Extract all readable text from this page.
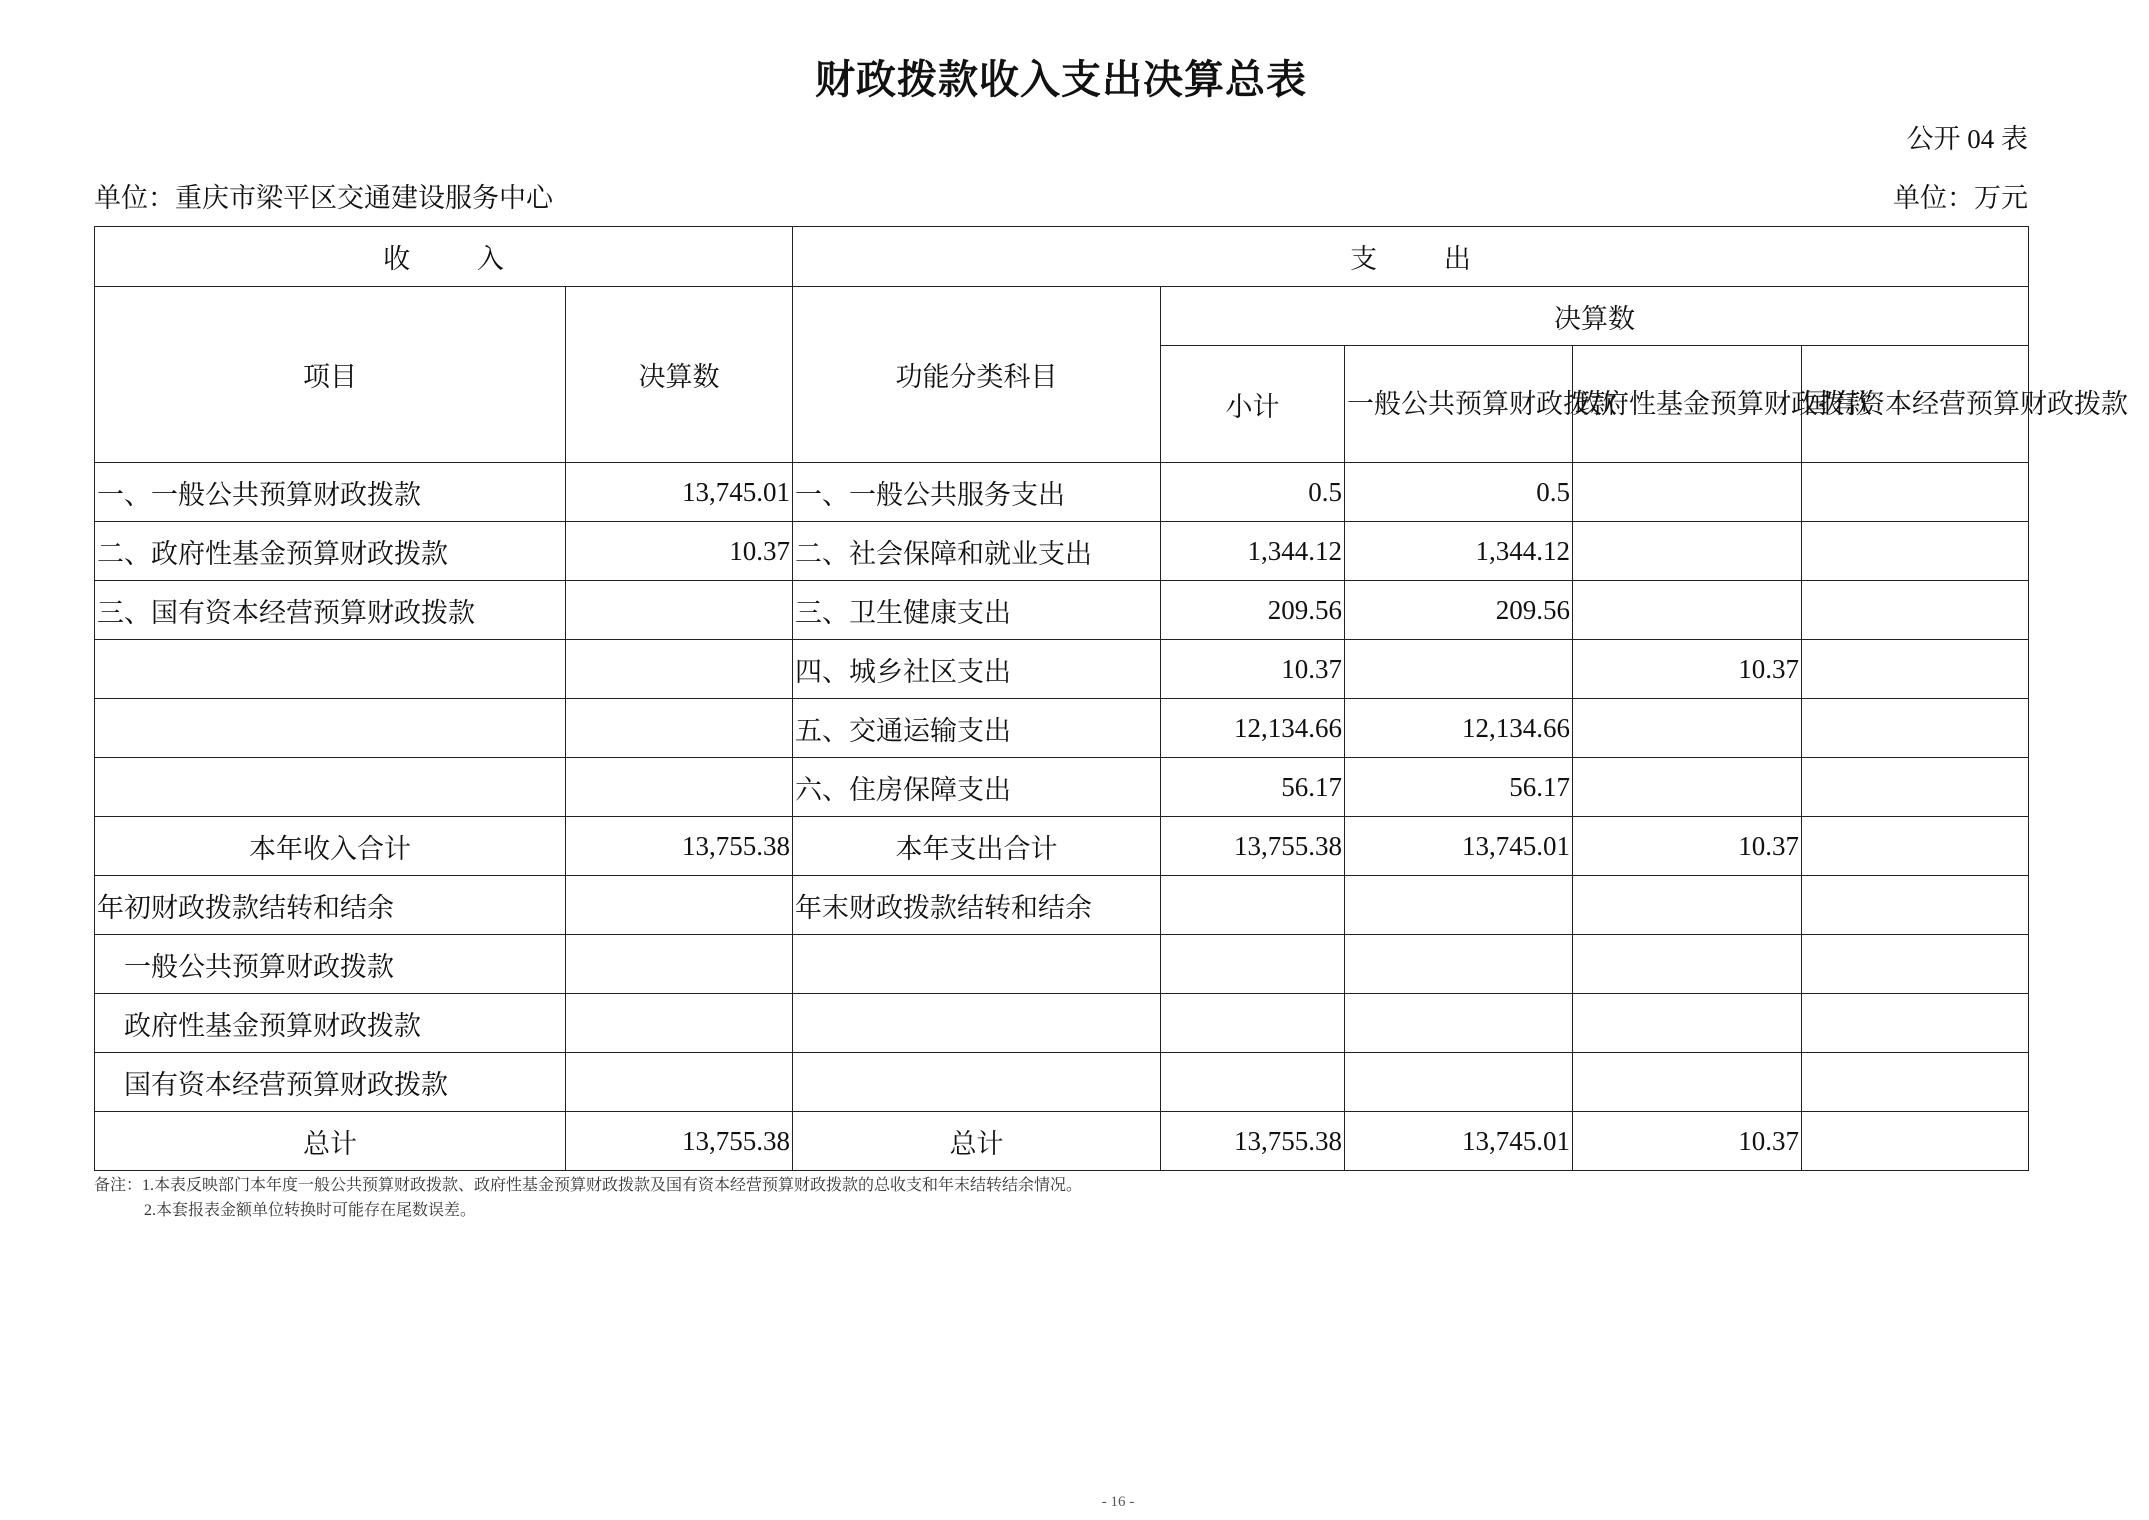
财政拨款收入支出决算总表
公开 04 表
单位：重庆市梁平区交通建设服务中心	单位：万元
收 入		支 出				
项目	决算数	功能分类科目	决算数			
			小计	一般公共预算财政拨款	政府性基金预算财政拨款	国有资本经营预算财政拨款
一、一般公共预算财政拨款	13,745.01	一、一般公共服务支出	0.5	0.5		
二、政府性基金预算财政拨款	10.37	二、社会保障和就业支出	1,344.12	1,344.12		
三、国有资本经营预算财政拨款		三、卫生健康支出	209.56	209.56		
		四、城乡社区支出	10.37		10.37	
		五、交通运输支出	12,134.66	12,134.66		
		六、住房保障支出	56.17	56.17		
本年收入合计	13,755.38	本年支出合计	13,755.38	13,745.01	10.37	
年初财政拨款结转和结余		年末财政拨款结转和结余				
一般公共预算财政拨款						
政府性基金预算财政拨款						
国有资本经营预算财政拨款						
总计	13,755.38	总计	13,755.38	13,745.01	10.37	
备注：1.本表反映部门本年度一般公共预算财政拨款、政府性基金预算财政拨款及国有资本经营预算财政拨款的总收支和年末结转结余情况。
2.本套报表金额单位转换时可能存在尾数误差。
- 16 -
